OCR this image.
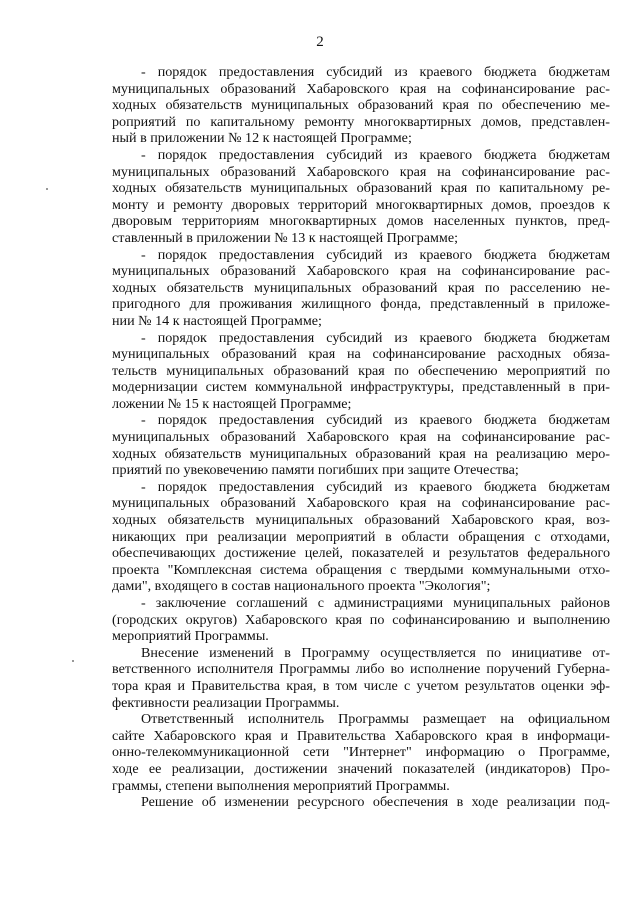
2
- порядок предоставления субсидий из краевого бюджета бюджетам
муниципальных образований Хабаровского края на софинансирование рас-
ходных обязательств муниципальных образований края по обеспечению ме-
роприятий по капитальному ремонту многоквартирных домов, представлен-
ный в приложении № 12 к настоящей Программе;
- порядок предоставления субсидий из краевого бюджета бюджетам
муниципальных образований Хабаровского края на софинансирование рас-
ходных обязательств муниципальных образований края по капитальному ре-
монту и ремонту дворовых территорий многоквартирных домов, проездов к
дворовым территориям многоквартирных домов населенных пунктов, пред-
ставленный в приложении № 13 к настоящей Программе;
- порядок предоставления субсидий из краевого бюджета бюджетам
муниципальных образований Хабаровского края на софинансирование рас-
ходных обязательств муниципальных образований края по расселению не-
пригодного для проживания жилищного фонда, представленный в приложе-
нии № 14 к настоящей Программе;
- порядок предоставления субсидий из краевого бюджета бюджетам
муниципальных образований края на софинансирование расходных обяза-
тельств муниципальных образований края по обеспечению мероприятий по
модернизации систем коммунальной инфраструктуры, представленный в при-
ложении № 15 к настоящей Программе;
- порядок предоставления субсидий из краевого бюджета бюджетам
муниципальных образований Хабаровского края на софинансирование рас-
ходных обязательств муниципальных образований края на реализацию меро-
приятий по увековечению памяти погибших при защите Отечества;
- порядок предоставления субсидий из краевого бюджета бюджетам
муниципальных образований Хабаровского края на софинансирование рас-
ходных обязательств муниципальных образований Хабаровского края, воз-
никающих при реализации мероприятий в области обращения с отходами,
обеспечивающих достижение целей, показателей и результатов федерального
проекта "Комплексная система обращения с твердыми коммунальными отхо-
дами", входящего в состав национального проекта "Экология";
- заключение соглашений с администрациями муниципальных районов
(городских округов) Хабаровского края по софинансированию и выполнению
мероприятий Программы.
Внесение изменений в Программу осуществляется по инициативе от-
ветственного исполнителя Программы либо во исполнение поручений Губерна-
тора края и Правительства края, в том числе с учетом результатов оценки эф-
фективности реализации Программы.
Ответственный исполнитель Программы размещает на официальном
сайте Хабаровского края и Правительства Хабаровского края в информаци-
онно-телекоммуникационной сети "Интернет" информацию о Программе,
ходе ее реализации, достижении значений показателей (индикаторов) Про-
граммы, степени выполнения мероприятий Программы.
Решение об изменении ресурсного обеспечения в ходе реализации под-
